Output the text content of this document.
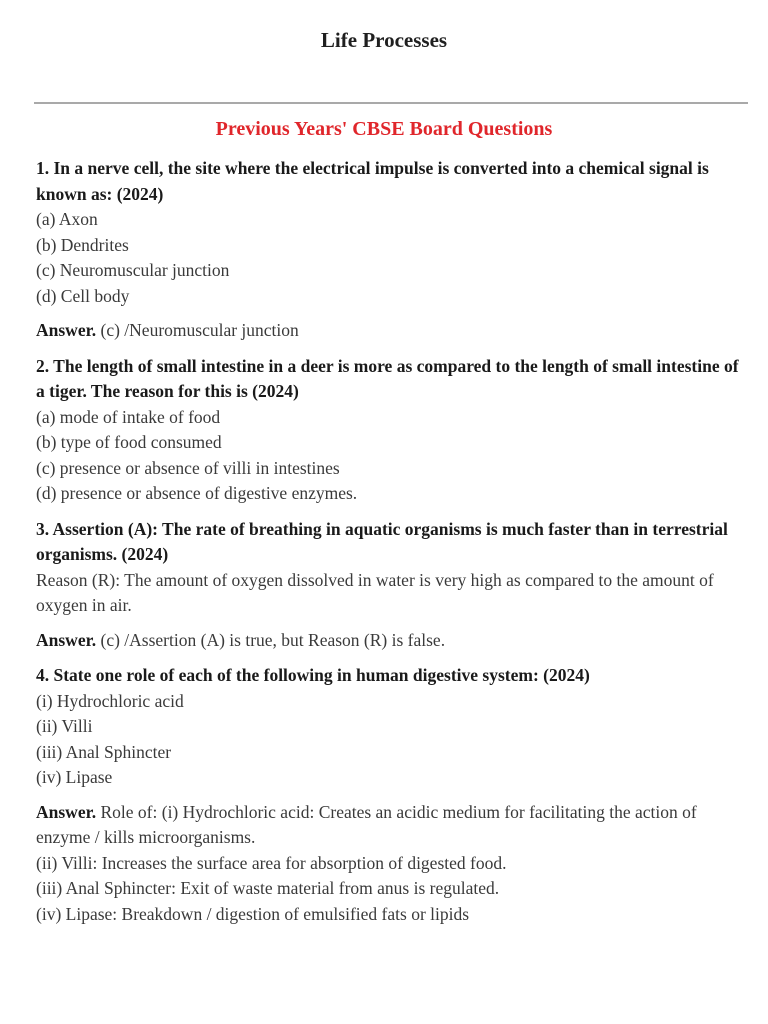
Life Processes
Previous Years' CBSE Board Questions
1. In a nerve cell, the site where the electrical impulse is converted into a chemical signal is known as: (2024)
(a) Axon
(b) Dendrites
(c) Neuromuscular junction
(d) Cell body
Answer. (c) /Neuromuscular junction
2. The length of small intestine in a deer is more as compared to the length of small intestine of a tiger. The reason for this is (2024)
(a) mode of intake of food
(b) type of food consumed
(c) presence or absence of villi in intestines
(d) presence or absence of digestive enzymes.
3. Assertion (A): The rate of breathing in aquatic organisms is much faster than in terrestrial organisms. (2024)
Reason (R): The amount of oxygen dissolved in water is very high as compared to the amount of oxygen in air.
Answer. (c) /Assertion (A) is true, but Reason (R) is false.
4. State one role of each of the following in human digestive system: (2024)
(i) Hydrochloric acid
(ii) Villi
(iii) Anal Sphincter
(iv) Lipase
Answer. Role of: (i) Hydrochloric acid: Creates an acidic medium for facilitating the action of enzyme / kills microorganisms.
(ii) Villi: Increases the surface area for absorption of digested food.
(iii) Anal Sphincter: Exit of waste material from anus is regulated.
(iv) Lipase: Breakdown / digestion of emulsified fats or lipids
